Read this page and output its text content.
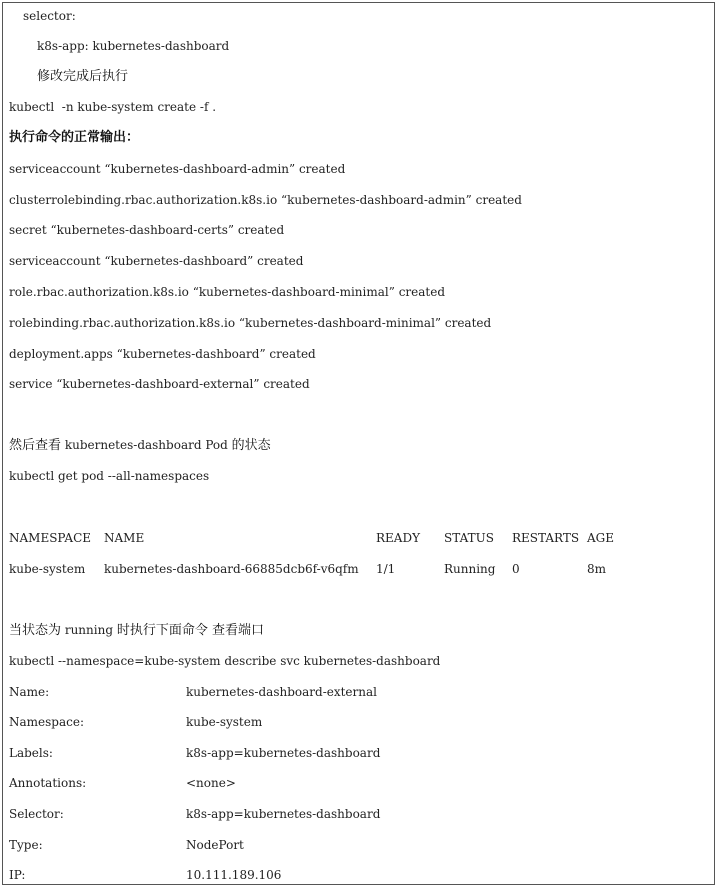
selector:
k8s-app: kubernetes-dashboard
修改完成后执行
kubectl  -n kube-system create -f .
执行命令的正常输出：
serviceaccount “kubernetes-dashboard-admin” created
clusterrolebinding.rbac.authorization.k8s.io “kubernetes-dashboard-admin” created
secret “kubernetes-dashboard-certs” created
serviceaccount “kubernetes-dashboard” created
role.rbac.authorization.k8s.io “kubernetes-dashboard-minimal” created
rolebinding.rbac.authorization.k8s.io “kubernetes-dashboard-minimal” created
deployment.apps “kubernetes-dashboard” created
service “kubernetes-dashboard-external” created
然后查看 kubernetes-dashboard Pod 的状态
kubectl get pod --all-namespaces
NAMESPACE NAME	READY STATUS RESTARTS AGE
kube-system kubernetes-dashboard-66885dcb6f-v6qfm 1/1	Running 0	8m
当状态为 running 时执行下面命令 查看端口
kubectl --namespace=kube-system describe svc kubernetes-dashboard
Name:	kubernetes-dashboard-external
Namespace:	kube-system
Labels:	k8s-app=kubernetes-dashboard
Annotations:	<none>
Selector:	k8s-app=kubernetes-dashboard
Type:	NodePort
IP:	10.111.189.106
